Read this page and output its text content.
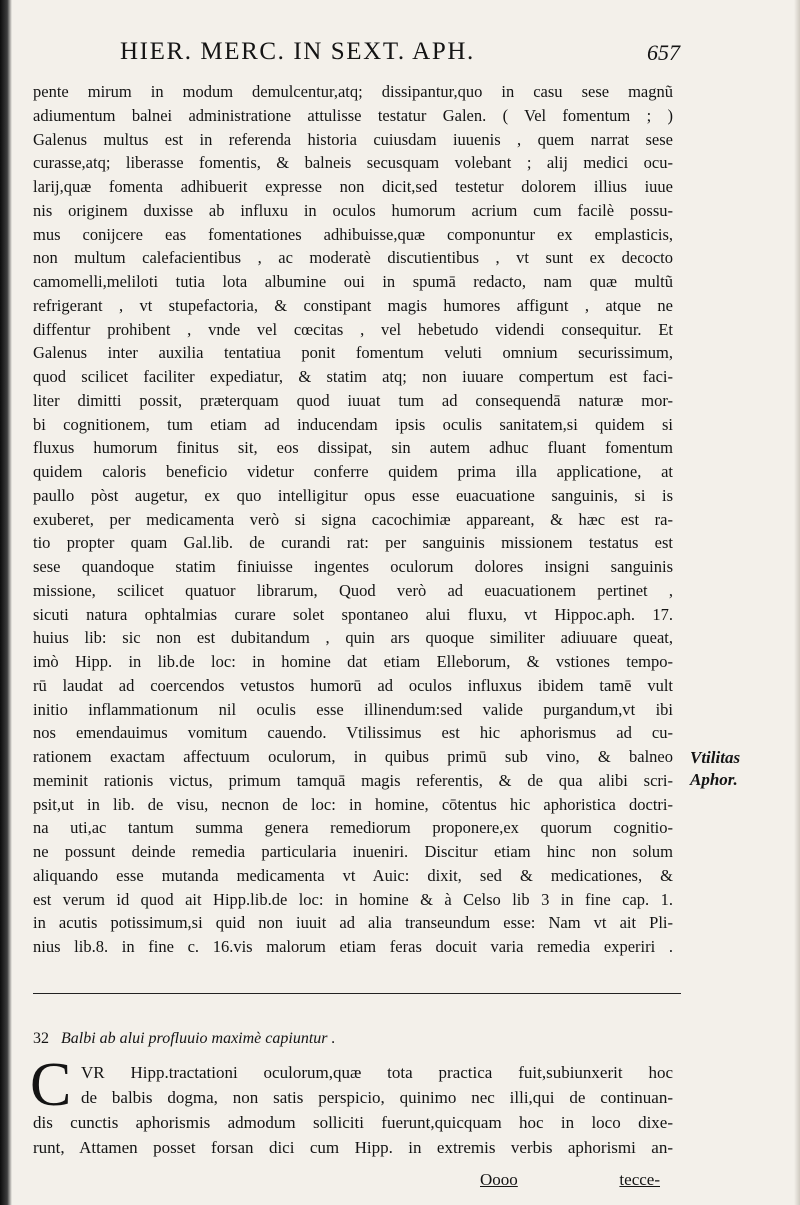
HIER. MERC. IN SEXT. APH.	657
pente mirum in modum demulcentur,atq; dissipantur,quo in casu sese magnũ
adiumentum balnei administratione attulisse testatur Galen. ( Vel fomentum ; )
Galenus multus est in referenda historia cuiusdam iuuenis , quem narrat sese
curasse,atq; liberasse fomentis, & balneis secusquam volebant ; alij medici ocu-
larij,quæ fomenta adhibuerit expresse non dicit,sed testetur dolorem illius iuue
nis originem duxisse ab influxu in oculos humorum acrium cum facilè possu-
mus conijcere eas fomentationes adhibuisse,quæ componuntur ex emplasticis,
non multum calefacientibus , ac moderatè discutientibus , vt sunt ex decocto
camomelli,meliloti tutia lota albumine oui in spumā redacto, nam quæ multũ
refrigerant , vt stupefactoria, & constipant magis humores affigunt , atque ne
diffentur prohibent , vnde vel cœcitas , vel hebetudo videndi consequitur. Et
Galenus inter auxilia tentatiua ponit fomentum veluti omnium securissimum,
quod scilicet faciliter expediatur, & statim atq; non iuuare compertum est faci-
liter dimitti possit, præterquam quod iuuat tum ad consequendā naturæ mor-
bi cognitionem, tum etiam ad inducendam ipsis oculis sanitatem,si quidem si
fluxus humorum finitus sit, eos dissipat, sin autem adhuc fluant fomentum
quidem caloris beneficio videtur conferre quidem prima illa applicatione, at
paullo pòst augetur, ex quo intelligitur opus esse euacuatione sanguinis, si is
exuberet, per medicamenta verò si signa cacochimiæ appareant, & hæc est ra-
tio propter quam Gal.lib. de curandi rat: per sanguinis missionem testatus est
sese quandoque statim finiuisse ingentes oculorum dolores insigni sanguinis
missione, scilicet quatuor librarum, Quod verò ad euacuationem pertinet ,
sicuti natura ophtalmias curare solet spontaneo alui fluxu, vt Hippoc.aph. 17.
huius lib: sic non est dubitandum , quin ars quoque similiter adiuuare queat,
imò Hipp. in lib.de loc: in homine dat etiam Elleborum, & vstiones tempo-
rū laudat ad coercendos vetustos humorū ad oculos influxus ibidem tamē vult
initio inflammationum nil oculis esse illinendum:sed valide purgandum,vt ibi
nos emendauimus vomitum cauendo. Vtilissimus est hic aphorismus ad cu-
rationem exactam affectuum oculorum, in quibus primū sub vino, & balneo
meminit rationis victus, primum tamquā magis referentis, & de qua alibi scri-
psit,ut in lib. de visu, necnon de loc: in homine, cōtentus hic aphoristica doctri-
na uti,ac tantum summa genera remediorum proponere,ex quorum cognitio-
ne possunt deinde remedia particularia inueniri. Discitur etiam hinc non solum
aliquando esse mutanda medicamenta vt Auic: dixit, sed & medicationes, &
est verum id quod ait Hipp.lib.de loc: in homine & à Celso lib 3 in fine cap. 1.
in acutis potissimum,si quid non iuuit ad alia transeundum esse: Nam vt ait Pli-
nius lib.8. in fine c. 16.vis malorum etiam feras docuit varia remedia experiri .
Vtilitas
Aphor.
32 Balbi ab alui profluuio maximè capiuntur .
C VR Hipp.tractationi oculorum,quæ tota practica fuit,subiunxerit hoc
de balbis dogma, non satis perspicio, quinimo nec illi,qui de continuan-
dis cunctis aphorismis admodum solliciti fuerunt,quicquam hoc in loco dixe-
runt, Attamen posset forsan dici cum Hipp. in extremis verbis aphorismi an-
Oooo	tecce-
